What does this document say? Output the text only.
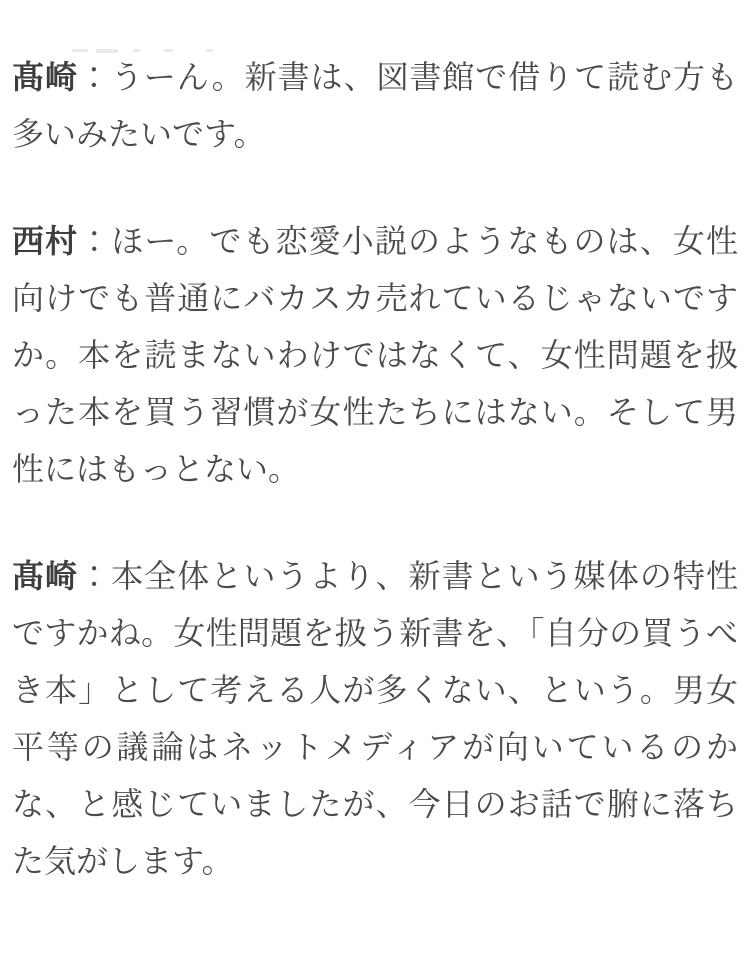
髙崎：うーん。新書は、図書館で借りて読む方も多いみたいです。

西村：ほー。でも恋愛小説のようなものは、女性向けでも普通にバカスカ売れているじゃないですか。本を読まないわけではなくて、女性問題を扱った本を買う習慣が女性たちにはない。そして男性にはもっとない。

髙崎：本全体というより、新書という媒体の特性ですかね。女性問題を扱う新書を、「自分の買うべき本」として考える人が多くない、という。男女平等の議論はネットメディアが向いているのかな、と感じていましたが、今日のお話で腑に落ちた気がします。
